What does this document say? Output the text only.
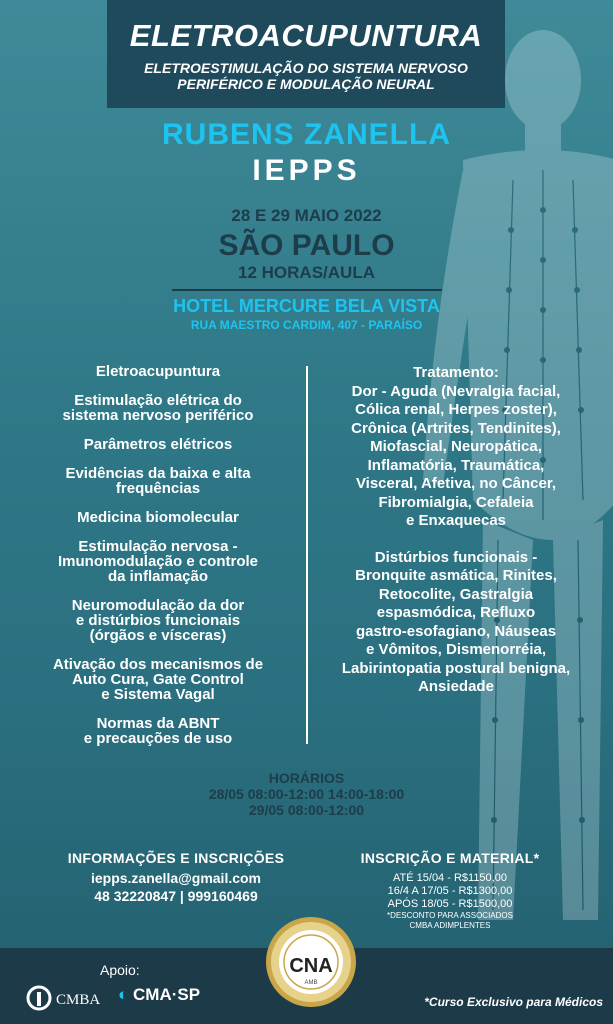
ELETROACUPUNTURA
ELETROESTIMULAÇÃO DO SISTEMA NERVOSO
PERIFÉRICO E MODULAÇÃO NEURAL
RUBENS ZANELLA
IEPPS
28 E 29 MAIO 2022
SÃO PAULO
12 HORAS/AULA
HOTEL MERCURE BELA VISTA
RUA MAESTRO CARDIM, 407 - PARAÍSO
Eletroacupuntura
Estimulação elétrica do
sistema nervoso periférico
Parâmetros elétricos
Evidências da baixa e alta
frequências
Medicina biomolecular
Estimulação nervosa -
Imunomodulação e controle
da inflamação
Neuromodulação da dor
e distúrbios funcionais
(órgãos e vísceras)
Ativação dos mecanismos de
Auto Cura, Gate Control
e Sistema Vagal
Normas da ABNT
e precauções de uso
Tratamento:
Dor - Aguda (Nevralgia facial,
Cólica renal, Herpes zoster),
Crônica (Artrites, Tendinites),
Miofascial, Neuropática,
Inflamatória, Traumática,
Visceral, Afetiva, no Câncer,
Fibromialgia, Cefaleia
e Enxaquecas
Distúrbios funcionais -
Bronquite asmática, Rinites,
Retocolite, Gastralgia
espasmódica, Refluxo
gastro-esofagiano, Náuseas
e Vômitos, Dismenorréia,
Labirintopatia postural benigna,
Ansiedade
HORÁRIOS
28/05 08:00-12:00 14:00-18:00
29/05 08:00-12:00
INFORMAÇÕES E INSCRIÇÕES
iepps.zanella@gmail.com
48 32220847 | 999160469
INSCRIÇÃO E MATERIAL*
ATÉ 15/04 - R$1150,00
16/4 A 17/05 - R$1300,00
APÓS 18/05 - R$1500,00
*DESCONTO PARA ASSOCIADOS
CMBA ADIMPLENTES
CNA
AMB
Apoio:
CMBA ◐ CMA·SP	*Curso Exclusivo para Médicos
